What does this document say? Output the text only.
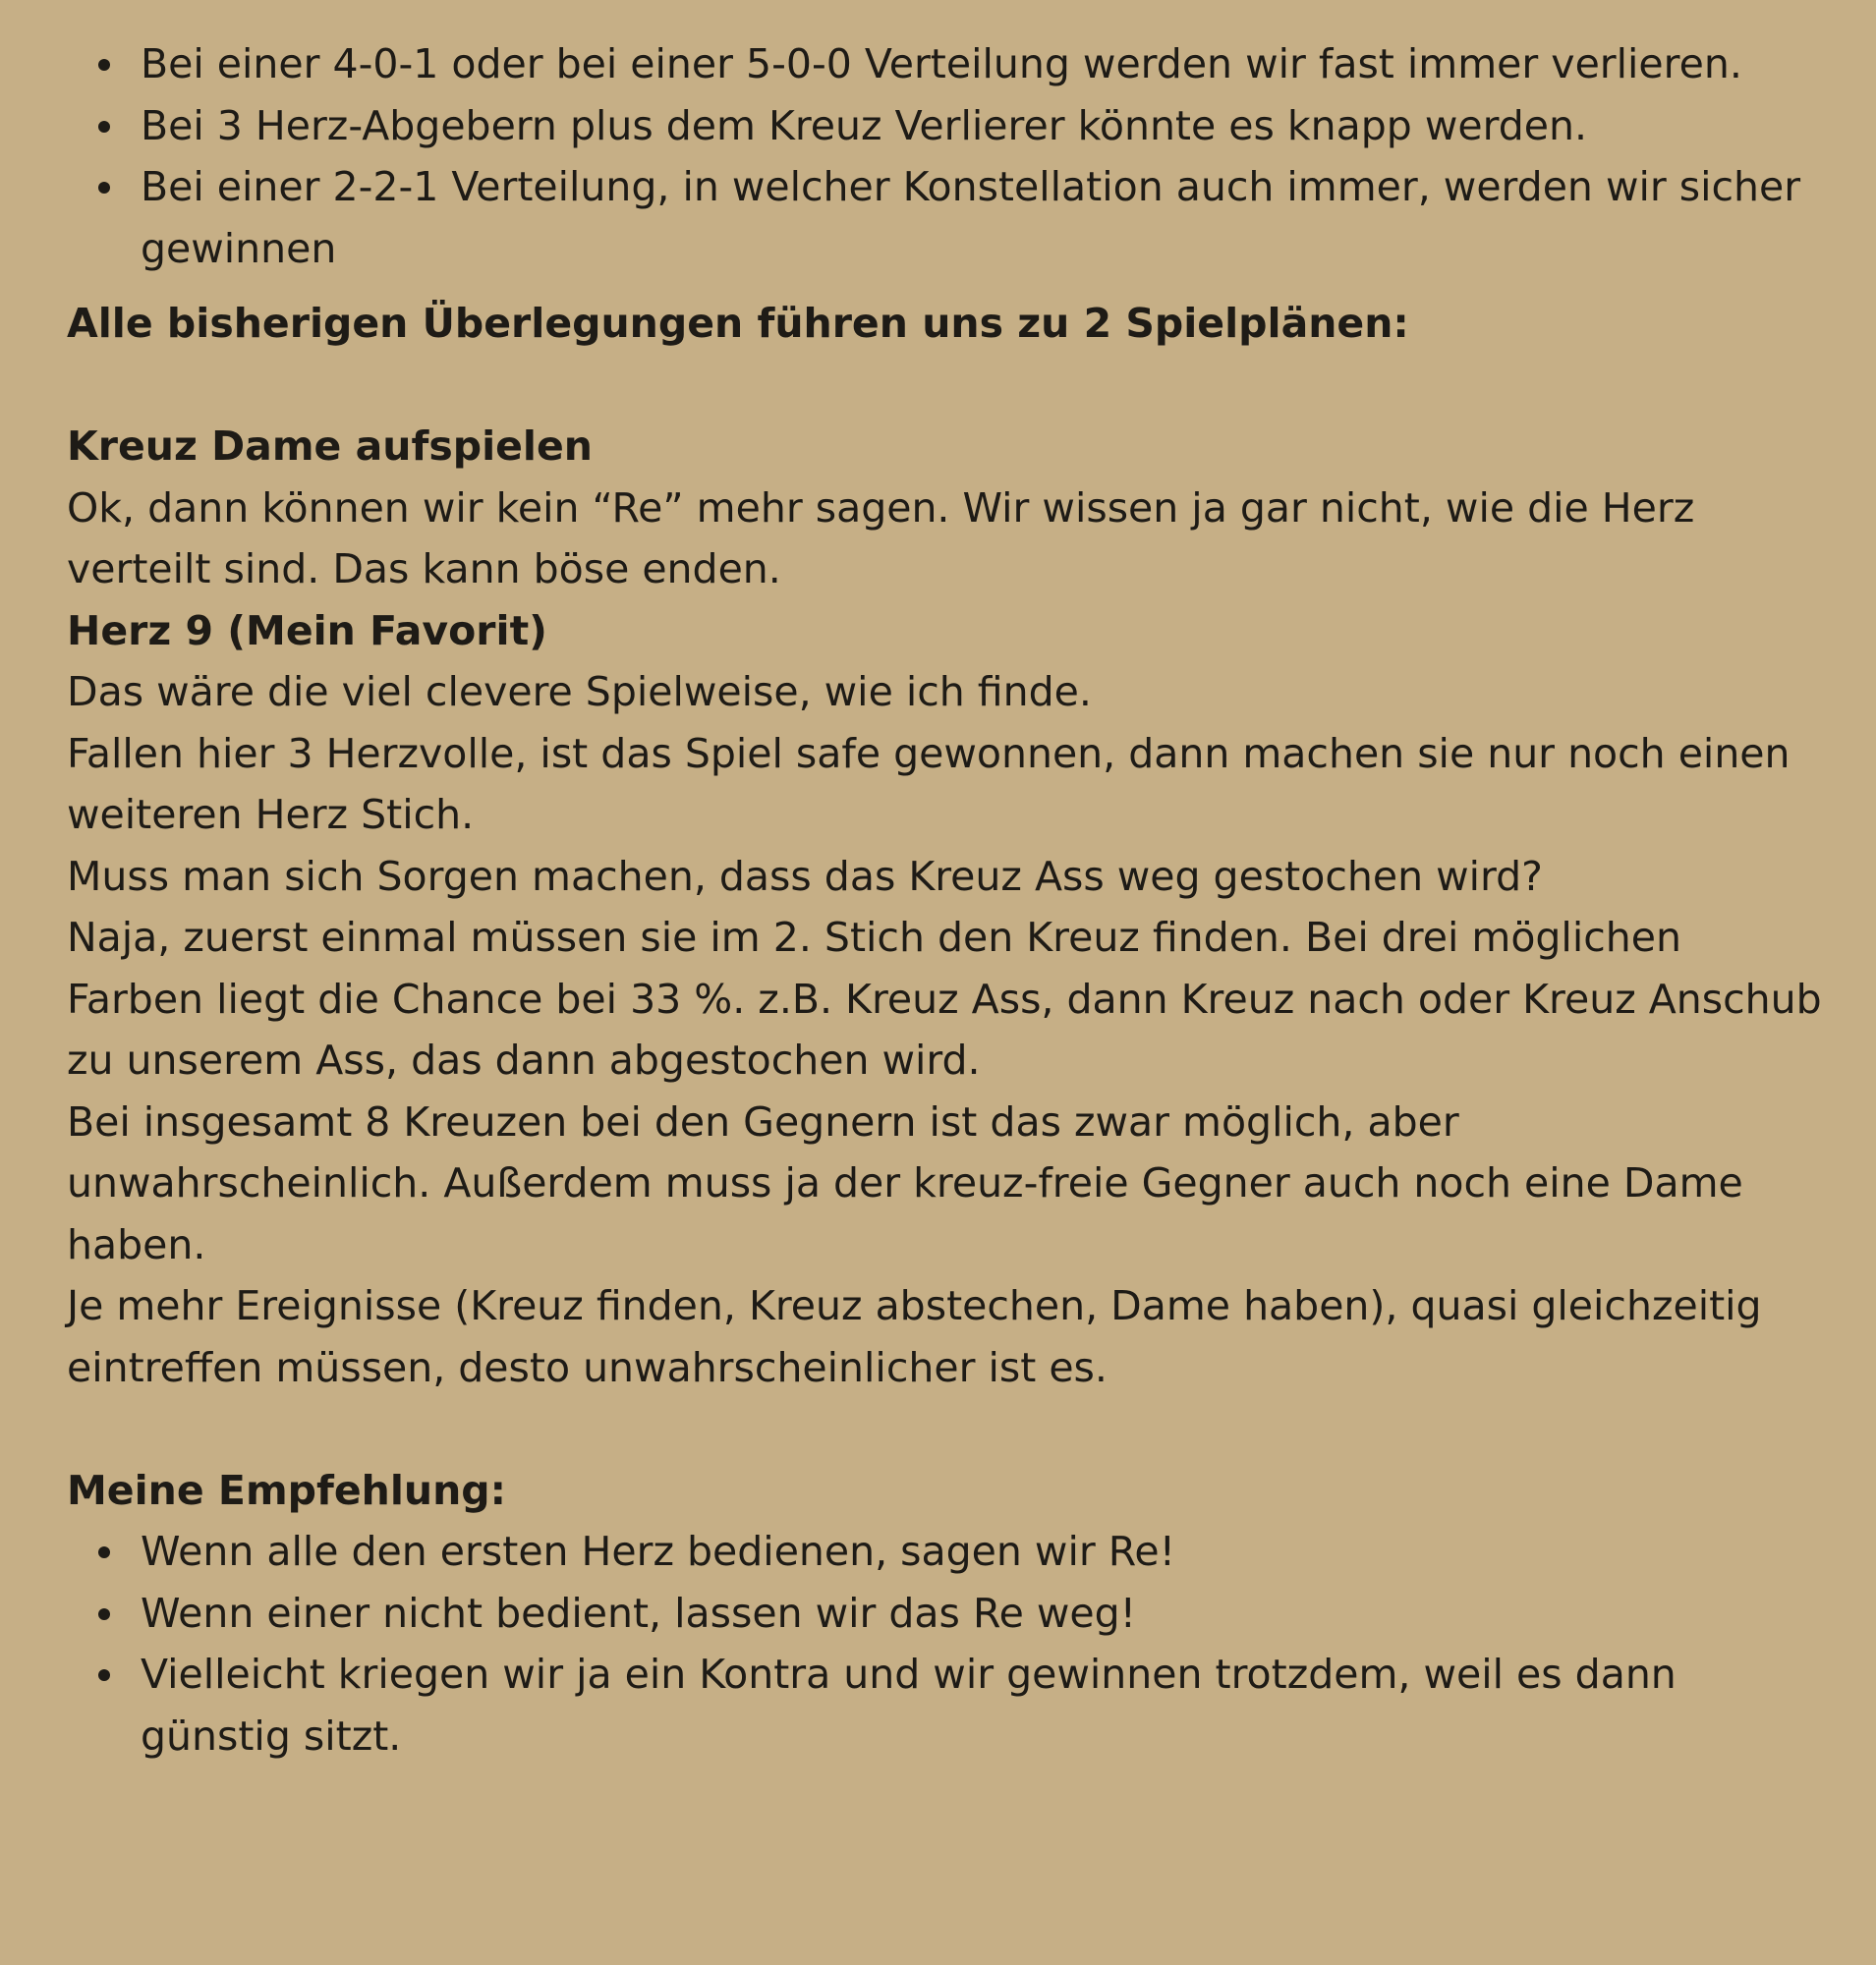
Bei einer 4-0-1 oder bei einer 5-0-0 Verteilung werden wir fast immer verlieren.
Bei 3 Herz-Abgebern plus dem Kreuz Verlierer könnte es knapp werden.
Bei einer 2-2-1 Verteilung, in welcher Konstellation auch immer, werden wir sicher
gewinnen

Alle bisherigen Überlegungen führen uns zu 2 Spielplänen:

Kreuz Dame aufspielen

Ok, dann können wir kein “Re” mehr sagen. Wir wissen ja gar nicht, wie die Herz

verteilt sind. Das kann böse enden.

Herz 9 (Mein Favorit)

Das wäre die viel clevere Spielweise, wie ich finde.

Fallen hier 3 Herzvolle, ist das Spiel safe gewonnen, dann machen sie nur noch einen

weiteren Herz Stich.

Muss man sich Sorgen machen, dass das Kreuz Ass weg gestochen wird?

Naja, zuerst einmal müssen sie im 2. Stich den Kreuz finden. Bei drei möglichen

Farben liegt die Chance bei 33 %. z.B. Kreuz Ass, dann Kreuz nach oder Kreuz Anschub

zu unserem Ass, das dann abgestochen wird.

Bei insgesamt 8 Kreuzen bei den Gegnern ist das zwar möglich, aber

unwahrscheinlich. Außerdem muss ja der kreuz-freie Gegner auch noch eine Dame

haben.

Je mehr Ereignisse (Kreuz finden, Kreuz abstechen, Dame haben), quasi gleichzeitig

eintreffen müssen, desto unwahrscheinlicher ist es.

Meine Empfehlung:

Wenn alle den ersten Herz bedienen, sagen wir Re!
Wenn einer nicht bedient, lassen wir das Re weg!
Vielleicht kriegen wir ja ein Kontra und wir gewinnen trotzdem, weil es dann
günstig sitzt.
